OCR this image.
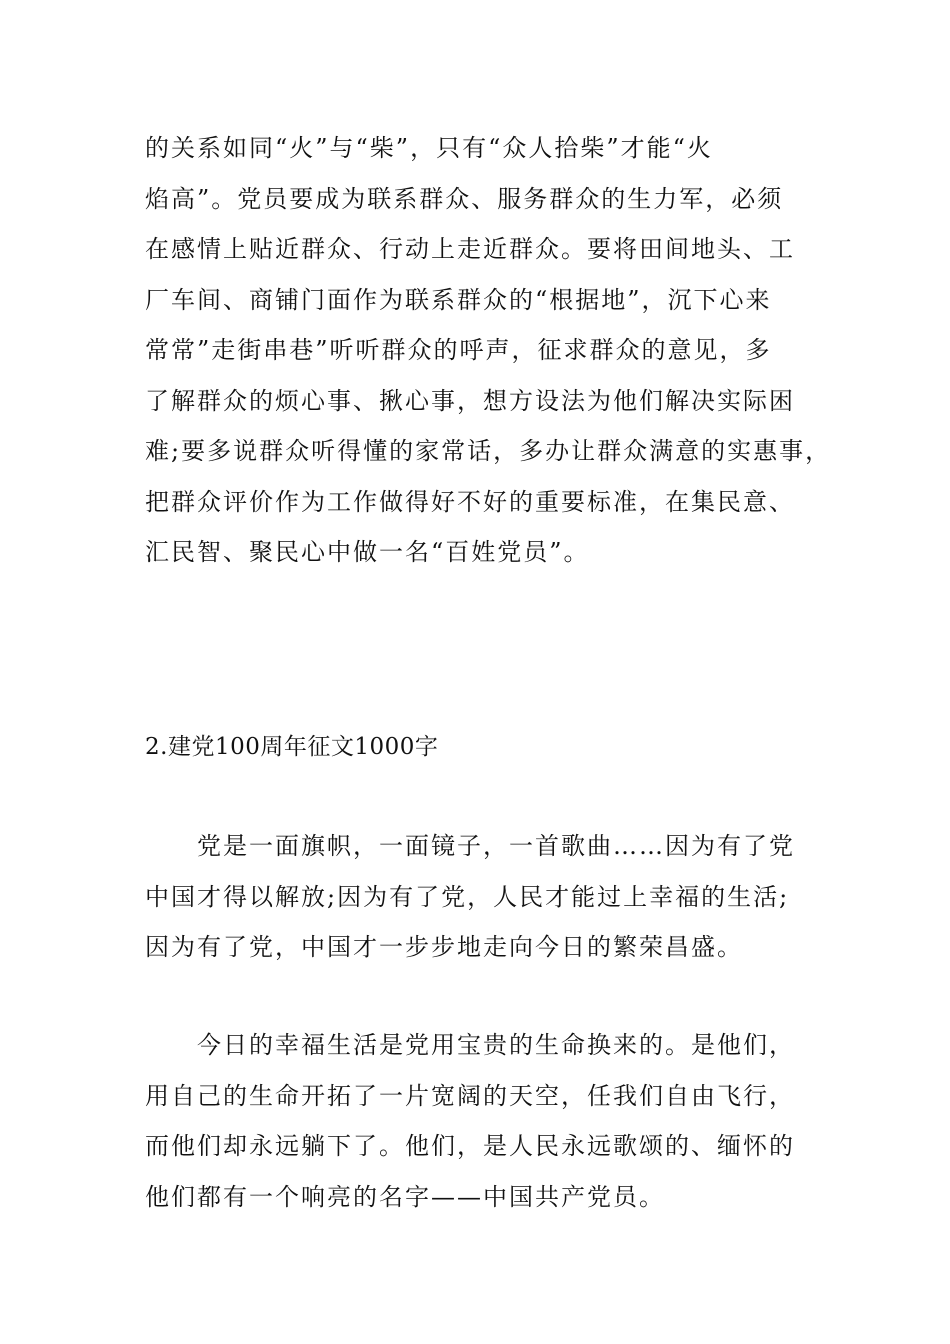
的关系如同“火”与“柴”，只有“众人拾柴”才能“火
焰高”。党员要成为联系群众、服务群众的生力军，必须
在感情上贴近群众、行动上走近群众。要将田间地头、工
厂车间、商铺门面作为联系群众的“根据地”，沉下心来
常常”走街串巷”听听群众的呼声，征求群众的意见，多
了解群众的烦心事、揪心事，想方设法为他们解决实际困
难;要多说群众听得懂的家常话，多办让群众满意的实惠事，
把群众评价作为工作做得好不好的重要标准，在集民意、
汇民智、聚民心中做一名“百姓党员”。
2.建党100周年征文1000字
　　党是一面旗帜，一面镜子，一首歌曲……因为有了党
中国才得以解放;因为有了党，人民才能过上幸福的生活;
因为有了党，中国才一步步地走向今日的繁荣昌盛。
　　今日的幸福生活是党用宝贵的生命换来的。是他们，
用自己的生命开拓了一片宽阔的天空，任我们自由飞行，
而他们却永远躺下了。他们，是人民永远歌颂的、缅怀的
他们都有一个响亮的名字——中国共产党员。
